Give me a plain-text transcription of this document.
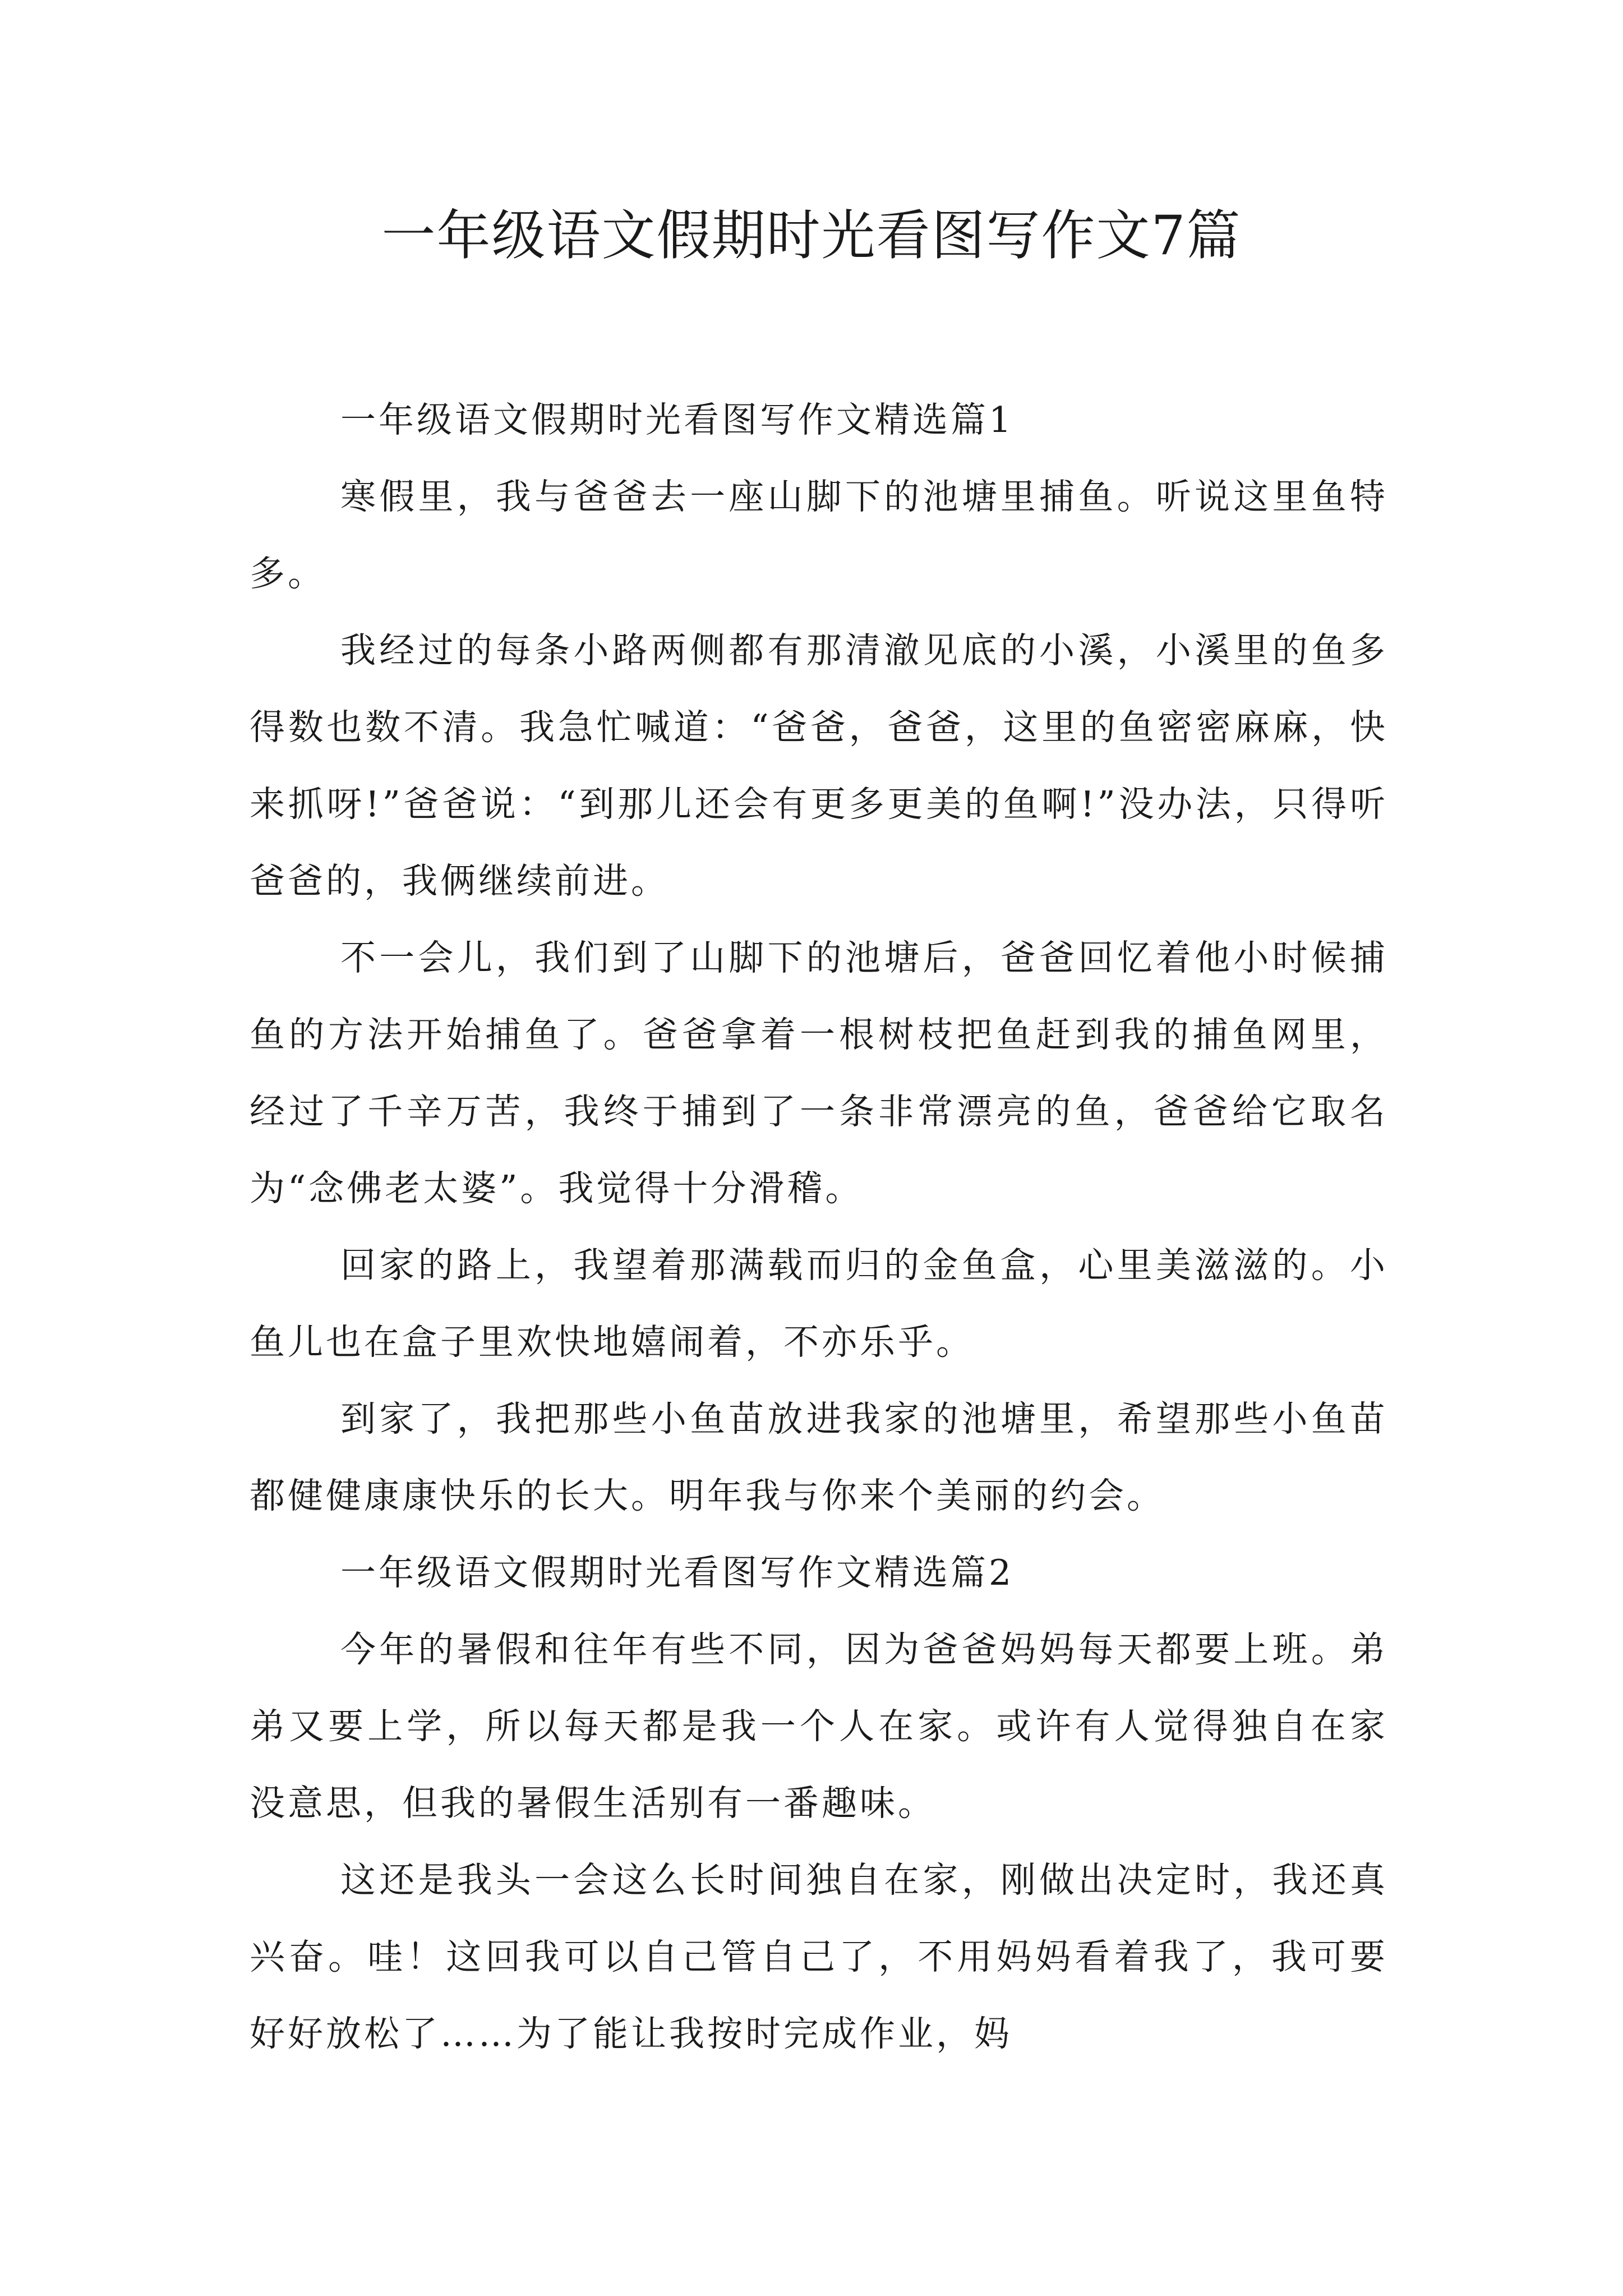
一年级语文假期时光看图写作文7篇

一年级语文假期时光看图写作文精选篇1

寒假里，我与爸爸去一座山脚下的池塘里捕鱼。听说这里鱼特多。

我经过的每条小路两侧都有那清澈见底的小溪，小溪里的鱼多得数也数不清。我急忙喊道：“爸爸，爸爸，这里的鱼密密麻麻，快来抓呀!”爸爸说：“到那儿还会有更多更美的鱼啊!”没办法，只得听爸爸的，我俩继续前进。

不一会儿，我们到了山脚下的池塘后，爸爸回忆着他小时候捕鱼的方法开始捕鱼了。爸爸拿着一根树枝把鱼赶到我的捕鱼网里，经过了千辛万苦，我终于捕到了一条非常漂亮的鱼，爸爸给它取名为“念佛老太婆”。我觉得十分滑稽。

回家的路上，我望着那满载而归的金鱼盒，心里美滋滋的。小鱼儿也在盒子里欢快地嬉闹着，不亦乐乎。

到家了，我把那些小鱼苗放进我家的池塘里，希望那些小鱼苗都健健康康快乐的长大。明年我与你来个美丽的约会。

一年级语文假期时光看图写作文精选篇2

今年的暑假和往年有些不同，因为爸爸妈妈每天都要上班。弟弟又要上学，所以每天都是我一个人在家。或许有人觉得独自在家没意思，但我的暑假生活别有一番趣味。

这还是我头一会这么长时间独自在家，刚做出决定时，我还真兴奋。哇！这回我可以自己管自己了，不用妈妈看着我了，我可要好好放松了……为了能让我按时完成作业，妈
